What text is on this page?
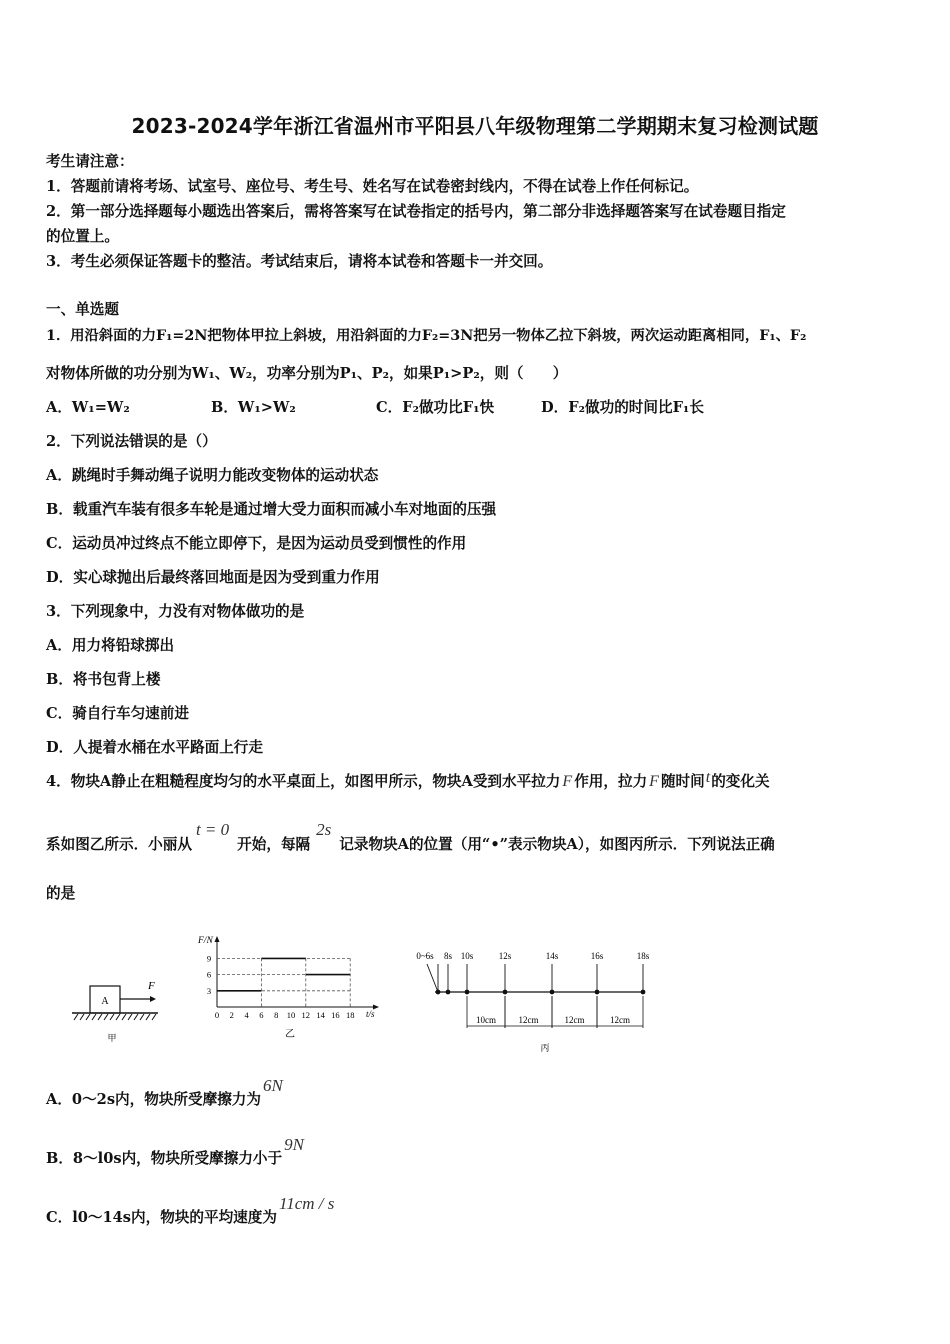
2023-2024学年浙江省温州市平阳县八年级物理第二学期期末复习检测试题
考生请注意：
1．答题前请将考场、试室号、座位号、考生号、姓名写在试卷密封线内，不得在试卷上作任何标记。
2．第一部分选择题每小题选出答案后，需将答案写在试卷指定的括号内，第二部分非选择题答案写在试卷题目指定
的位置上。
3．考生必须保证答题卡的整洁。考试结束后，请将本试卷和答题卡一并交回。
一、单选题
1．用沿斜面的力F₁=2N把物体甲拉上斜坡，用沿斜面的力F₂=3N把另一物体乙拉下斜坡，两次运动距离相同，F₁、F₂
对物体所做的功分别为W₁、W₂，功率分别为P₁、P₂，如果P₁>P₂，则（　　）
A．W₁=W₂	B．W₁>W₂	C．F₂做功比F₁快	D．F₂做功的时间比F₁长
2．下列说法错误的是（）
A．跳绳时手舞动绳子说明力能改变物体的运动状态
B．载重汽车装有很多车轮是通过增大受力面积而减小车对地面的压强
C．运动员冲过终点不能立即停下，是因为运动员受到惯性的作用
D．实心球抛出后最终落回地面是因为受到重力作用
3．下列现象中，力没有对物体做功的是
A．用力将铅球掷出
B．将书包背上楼
C．骑自行车匀速前进
D．人提着水桶在水平路面上行走
4．物块A静止在粗糙程度均匀的水平桌面上，如图甲所示，物块A受到水平拉力 F 作用，拉力 F 随时间t的变化关
系如图乙所示．小丽从t = 0开始，每隔2s记录物块A的位置（用“•”表示物块A），如图丙所示．下列说法正确
的是
A
F
甲
F/N
t/s
9
6
3
0 2 4 6 8 10 12 14 16 18
乙
0~6s 8s 10s	12s	14s	16s	18s
10cm	12cm	12cm	12cm
丙
A．0～2s内，物块所受摩擦力为6N
B．8～l0s内，物块所受摩擦力小于9N
C．l0～14s内，物块的平均速度为11cm / s
